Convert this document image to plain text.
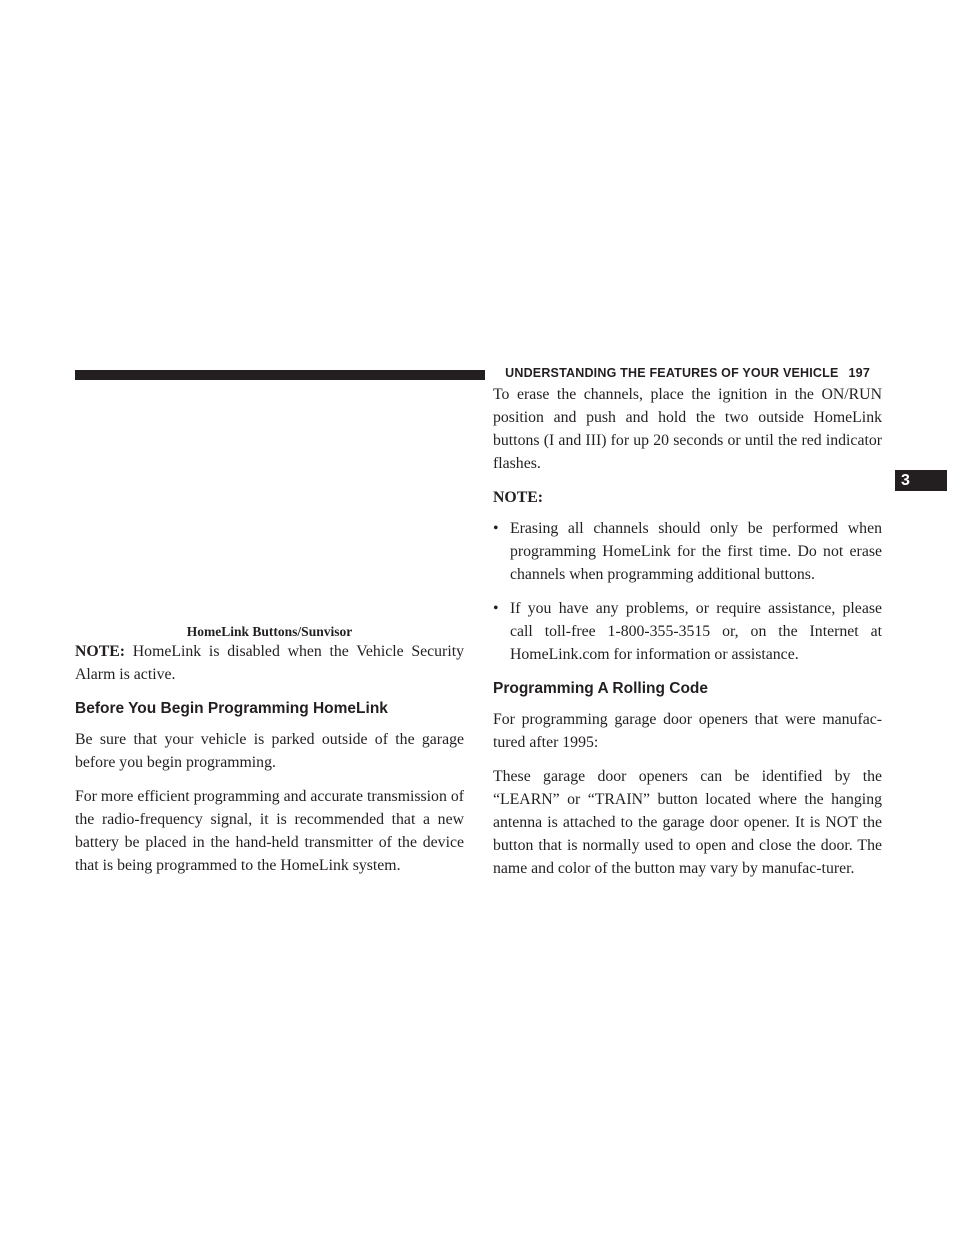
UNDERSTANDING THE FEATURES OF YOUR VEHICLE 197
3
HomeLink Buttons/Sunvisor

NOTE: HomeLink is disabled when the Vehicle Security Alarm is active.

Before You Begin Programming HomeLink

Be sure that your vehicle is parked outside of the garage before you begin programming.

For more efficient programming and accurate transmission of the radio-frequency signal, it is recommended that a new battery be placed in the hand-held transmitter of the device that is being programmed to the HomeLink system.

To erase the channels, place the ignition in the ON/RUN position and push and hold the two outside HomeLink buttons (I and III) for up 20 seconds or until the red indicator flashes.

NOTE:
• Erasing all channels should only be performed when programming HomeLink for the first time. Do not erase channels when programming additional buttons.
• If you have any problems, or require assistance, please call toll-free 1-800-355-3515 or, on the Internet at HomeLink.com for information or assistance.
Programming A Rolling Code

For programming garage door openers that were manufac-tured after 1995:

These garage door openers can be identified by the “LEARN” or “TRAIN” button located where the hanging antenna is attached to the garage door opener. It is NOT the button that is normally used to open and close the door. The name and color of the button may vary by manufac-turer.
